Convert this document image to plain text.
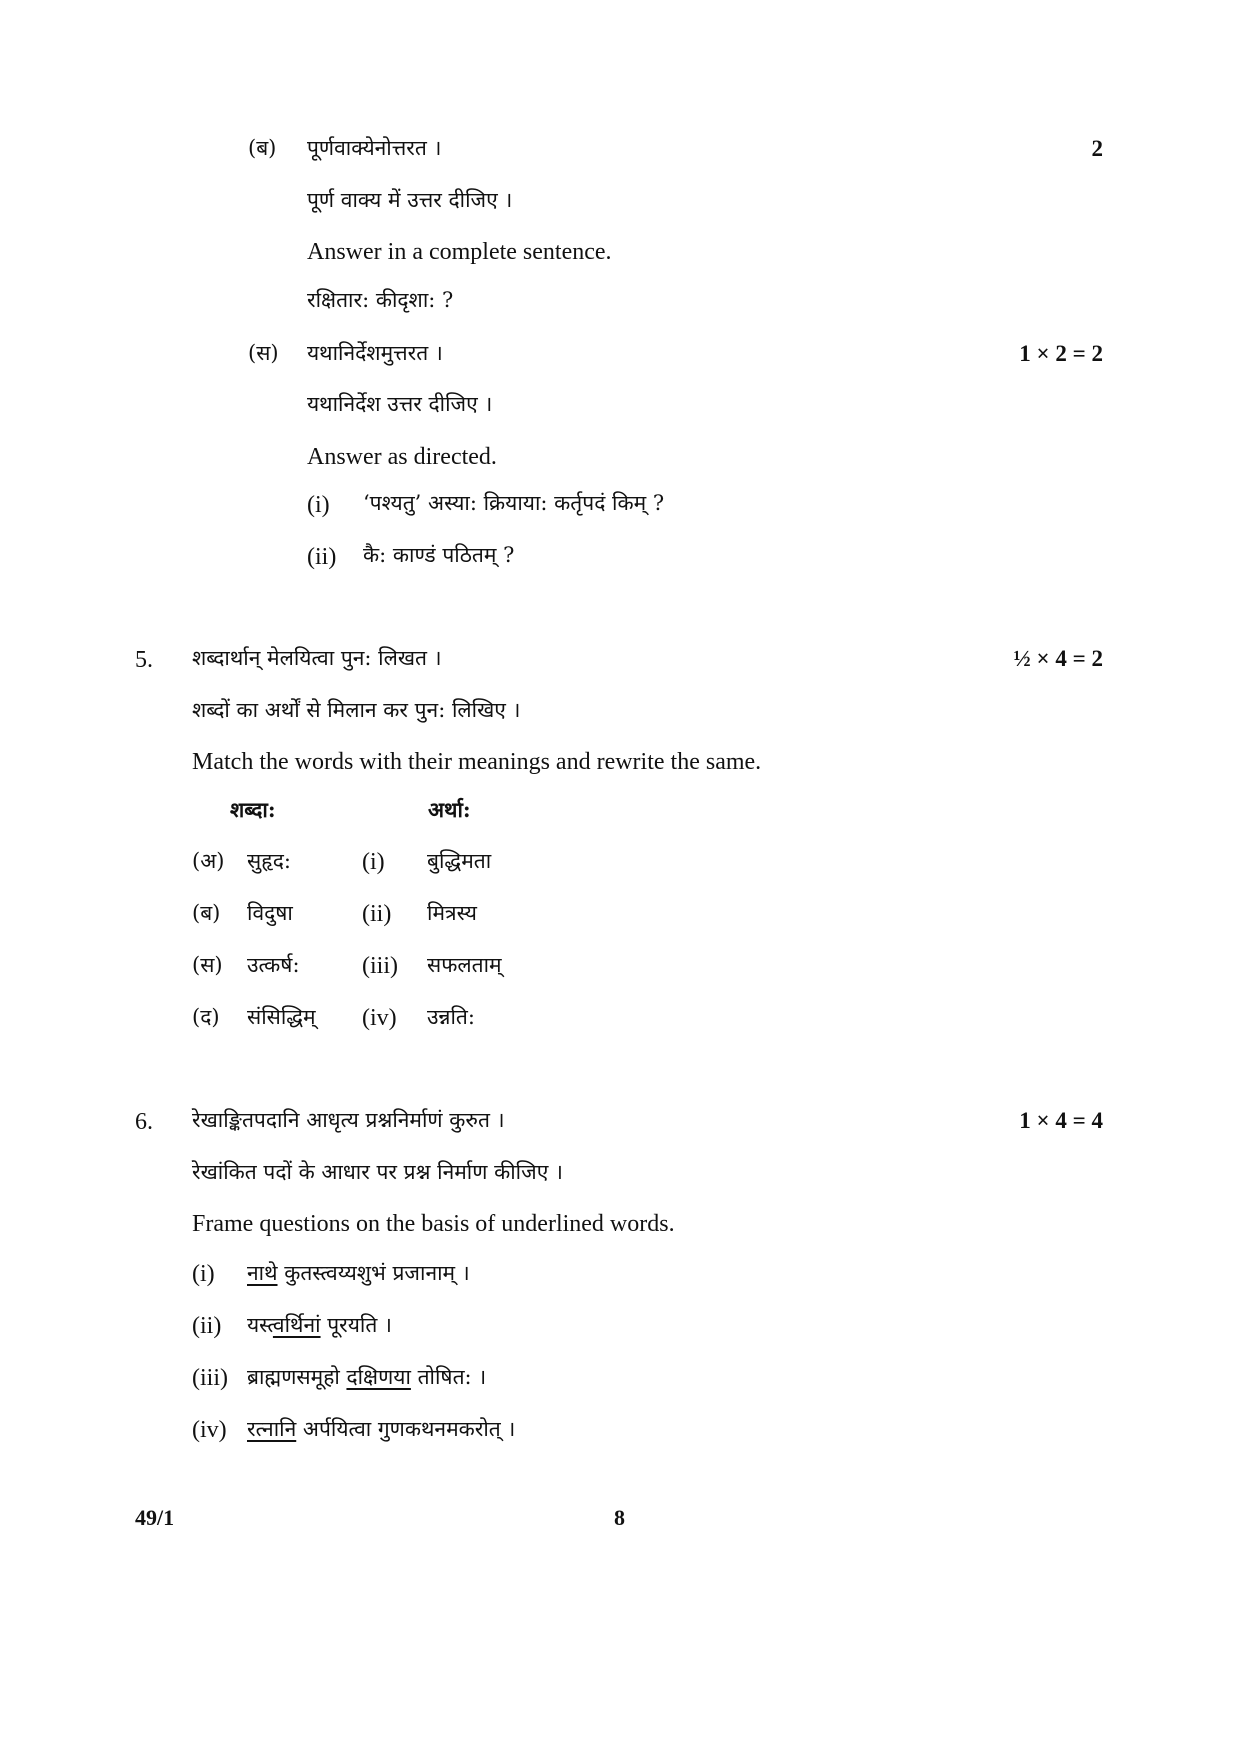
(ब) पूर्णवाक्येनोत्तरत ।	2
पूर्ण वाक्य में उत्तर दीजिए ।
Answer in a complete sentence.
रक्षितार: कीदृशा: ?
(स) यथानिर्देशमुत्तरत ।	1 × 2 = 2
यथानिर्देश उत्तर दीजिए ।
Answer as directed.
(i) ‘पश्यतु’ अस्या: क्रियाया: कर्तृपदं किम् ?
(ii) कै: काण्डं पठितम् ?
5. शब्दार्थान् मेलयित्वा पुन: लिखत ।	½ × 4 = 2
शब्दों का अर्थों से मिलान कर पुन: लिखिए ।
Match the words with their meanings and rewrite the same.
शब्दा:	अर्था:
(अ) सुहृद:	(i) बुद्धिमता
(ब) विदुषा	(ii) मित्रस्य
(स) उत्कर्ष:	(iii) सफलताम्
(द) संसिद्धिम् (iv) उन्नति:
6. रेखाङ्कितपदानि आधृत्य प्रश्ननिर्माणं कुरुत ।	1 × 4 = 4
रेखांकित पदों के आधार पर प्रश्न निर्माण कीजिए ।
Frame questions on the basis of underlined words.
(i) नाथे कुतस्त्वय्यशुभं प्रजानाम् ।
(ii) यस्त्वर्थिनां पूरयति ।
(iii) ब्राह्मणसमूहो दक्षिणया तोषित: ।
(iv) रत्नानि अर्पयित्वा गुणकथनमकरोत् ।
49/1	8
